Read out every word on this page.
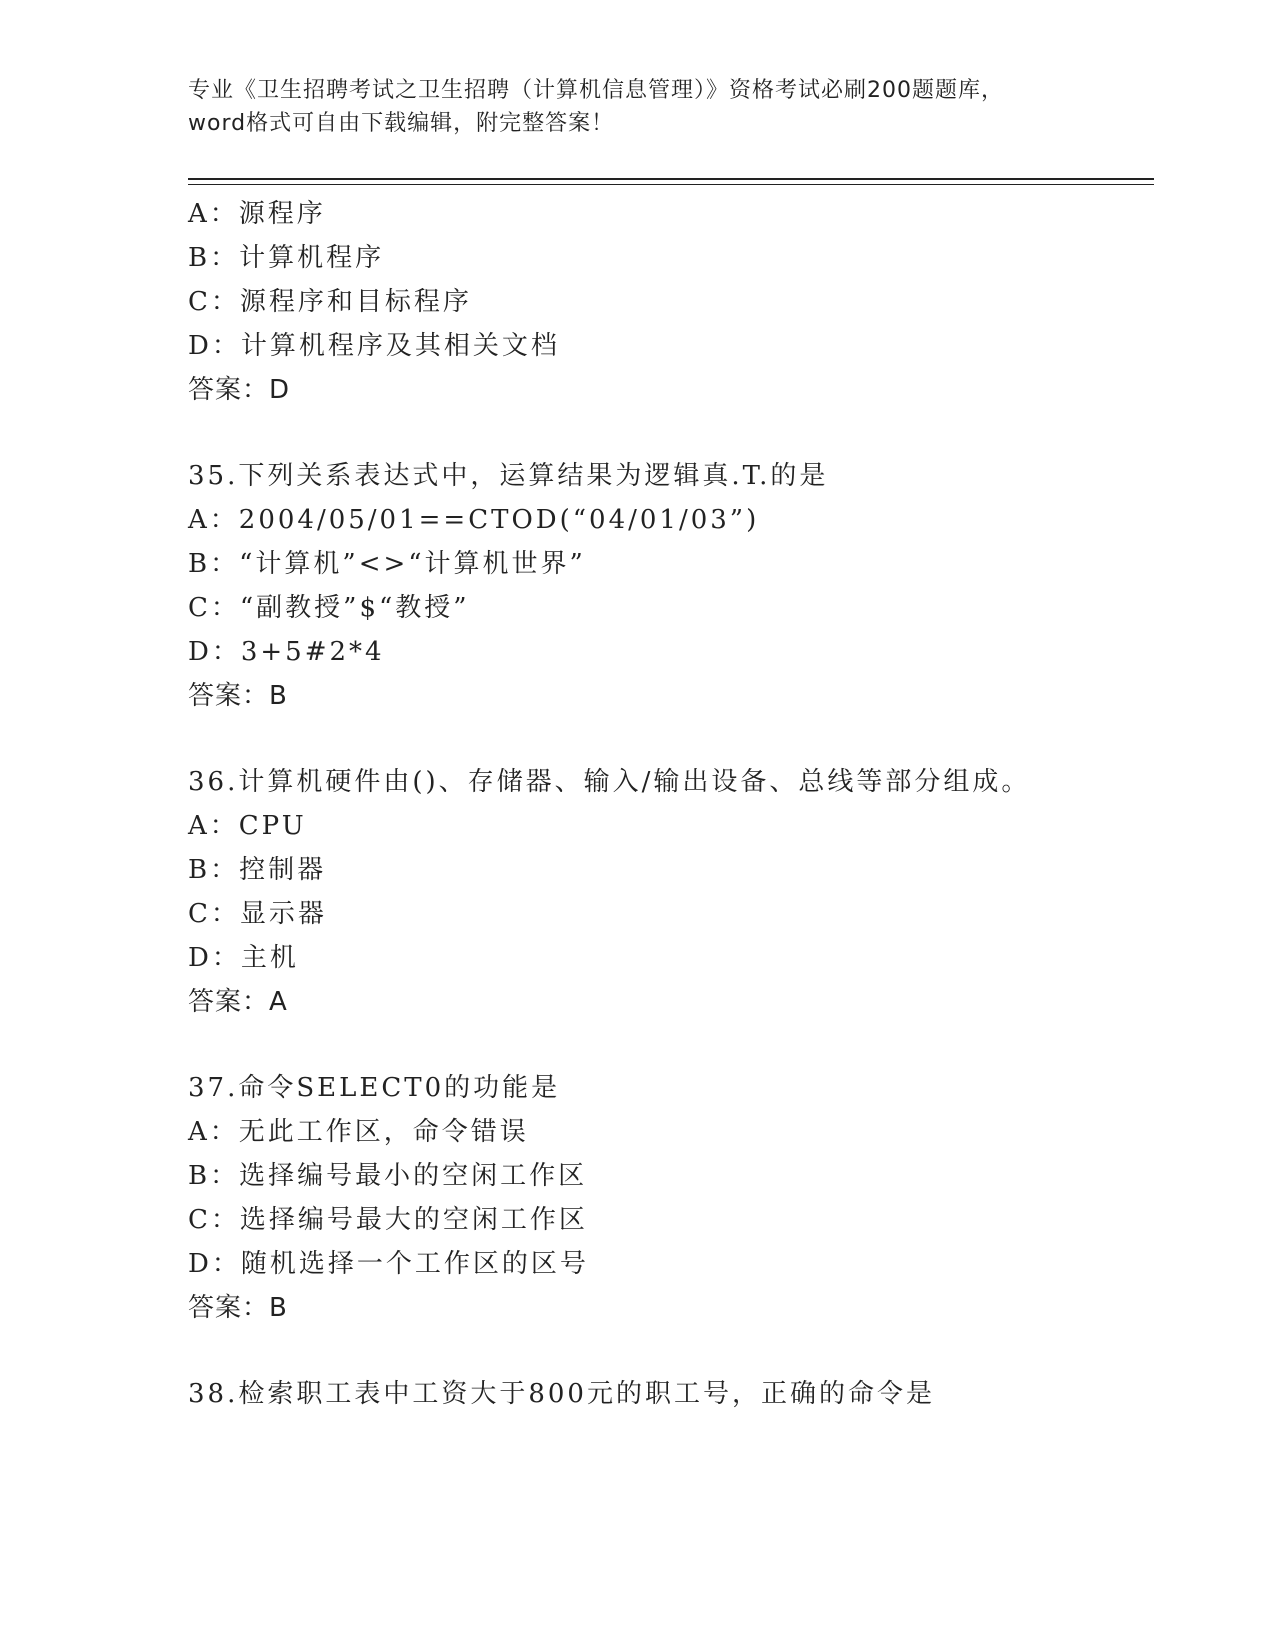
专业《卫生招聘考试之卫生招聘（计算机信息管理）》资格考试必刷200题题库，
word格式可自由下载编辑，附完整答案！
A：源程序
B：计算机程序
C：源程序和目标程序
D：计算机程序及其相关文档
答案：D
35.下列关系表达式中，运算结果为逻辑真.T.的是
A：2004/05/01==CTOD(“04/01/03”)
B：“计算机”<>“计算机世界”
C：“副教授”$“教授”
D：3+5#2*4
答案：B
36.计算机硬件由()、存储器、输入/输出设备、总线等部分组成。
A：CPU
B：控制器
C：显示器
D：主机
答案：A
37.命令SELECT0的功能是
A：无此工作区，命令错误
B：选择编号最小的空闲工作区
C：选择编号最大的空闲工作区
D：随机选择一个工作区的区号
答案：B
38.检索职工表中工资大于800元的职工号，正确的命令是
